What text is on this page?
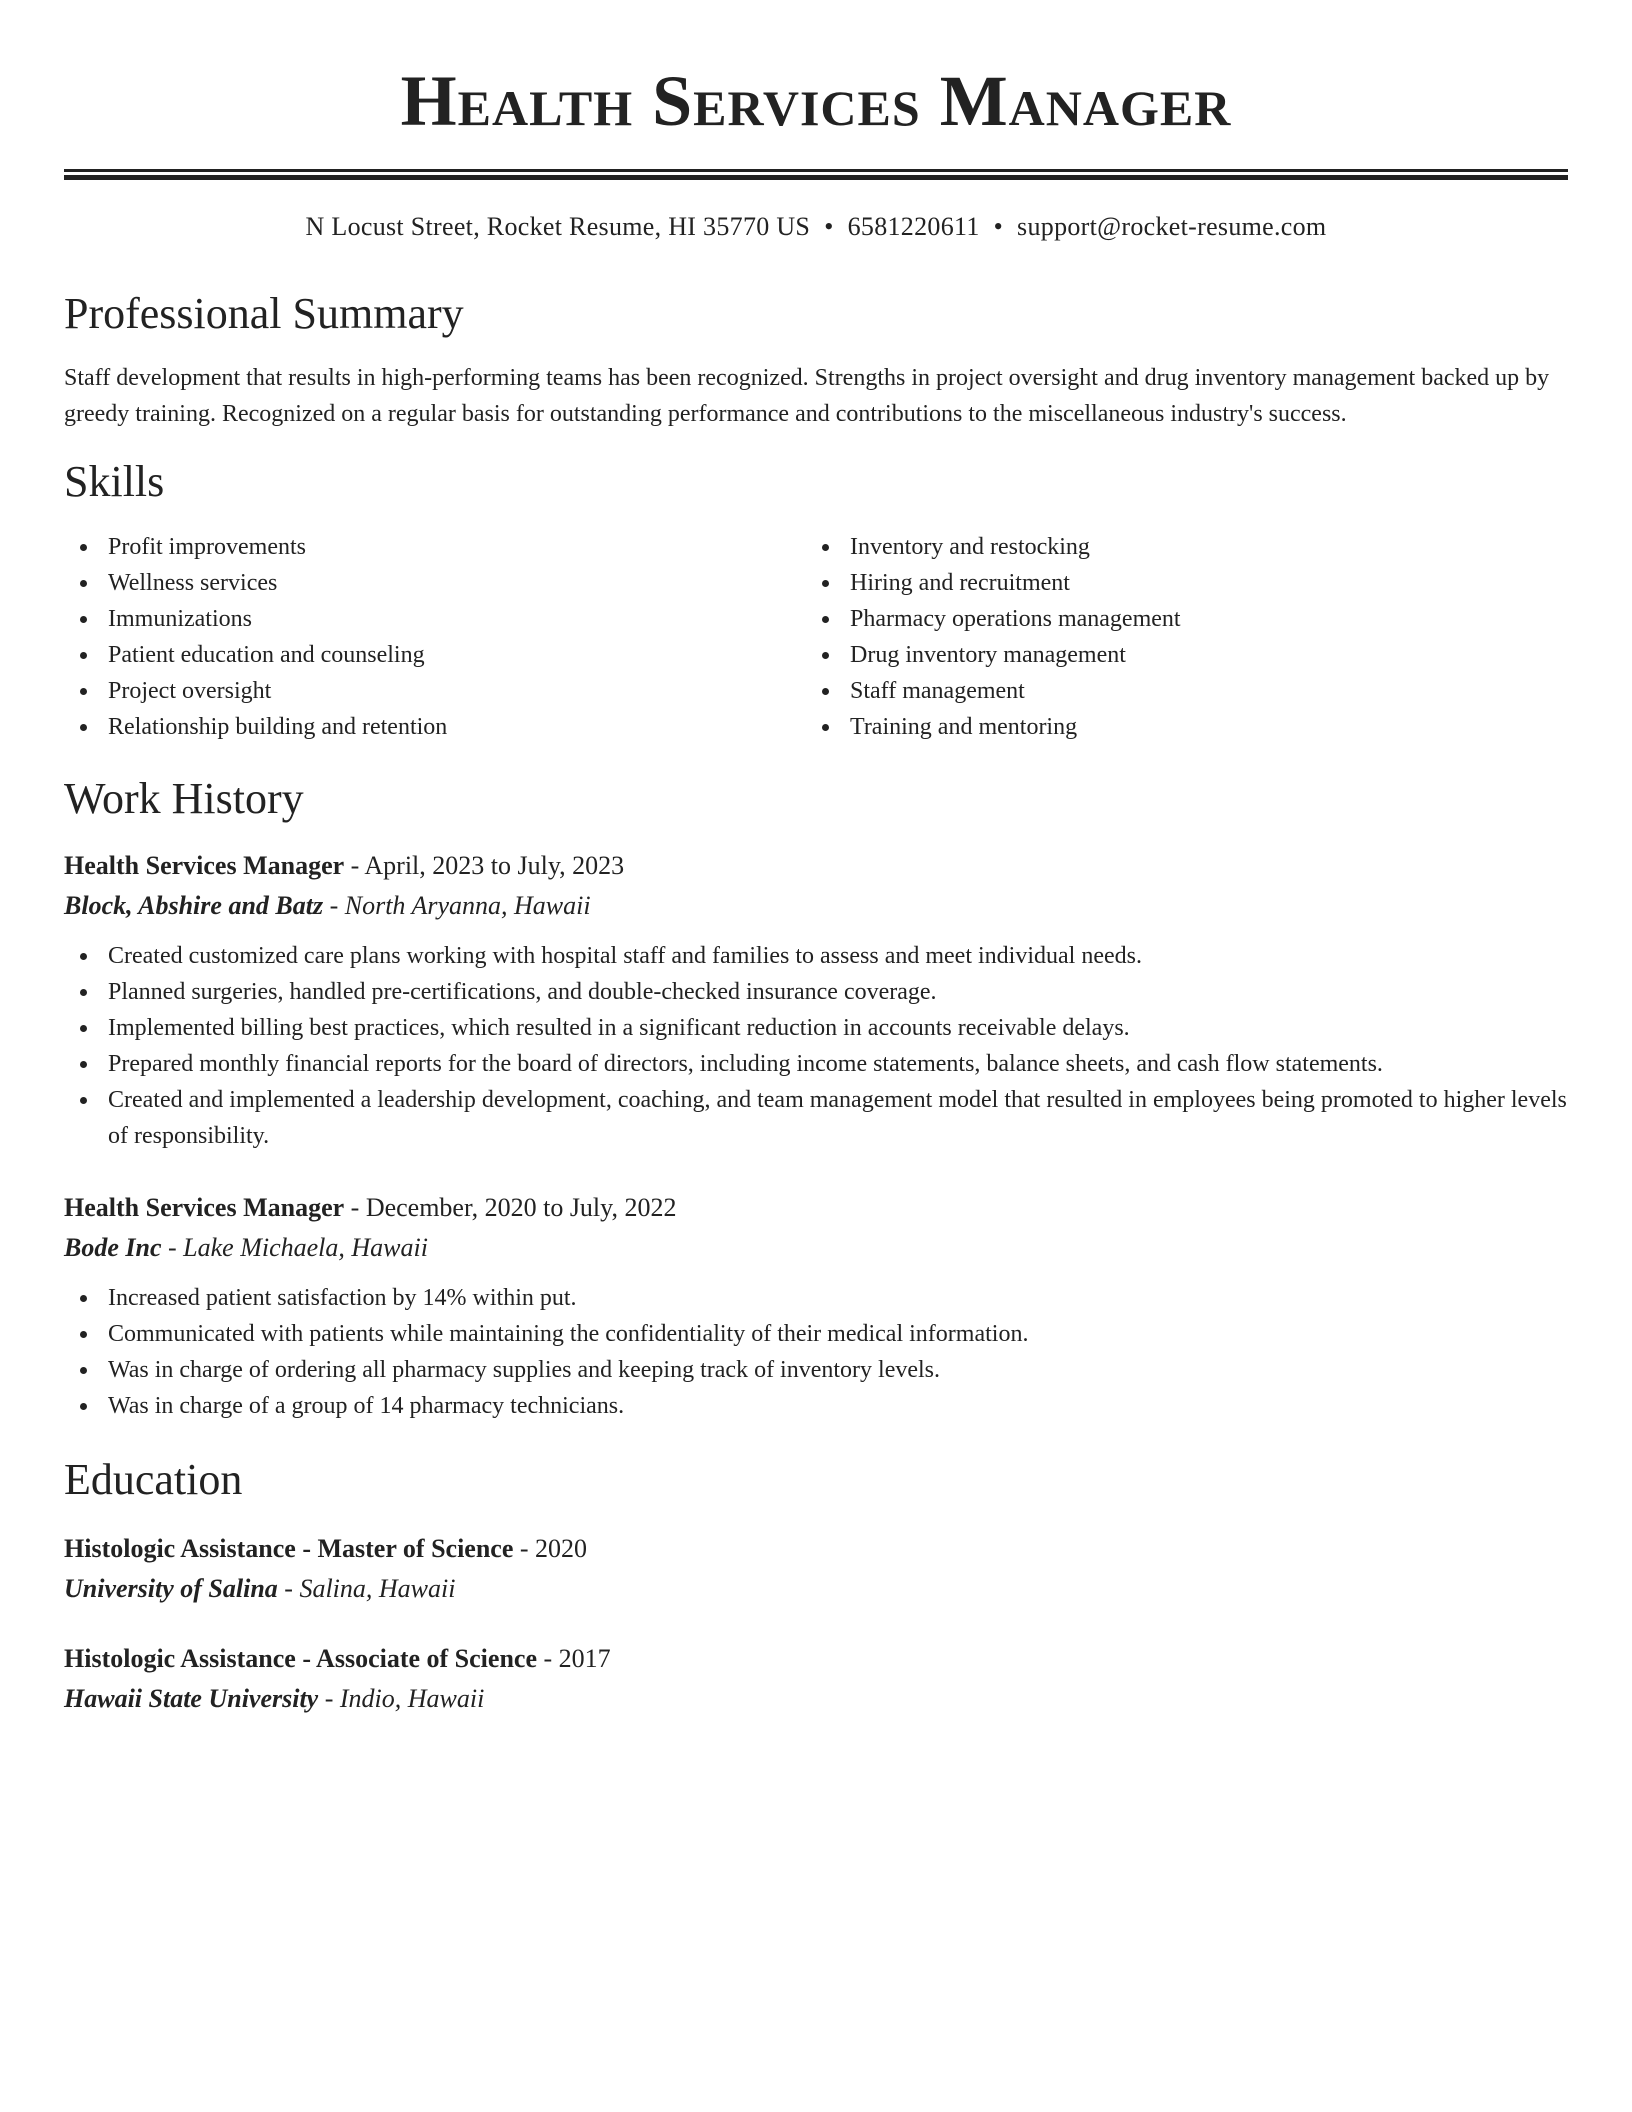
Health Services Manager
N Locust Street, Rocket Resume, HI 35770 US • 6581220611 • support@rocket-resume.com
Professional Summary

Staff development that results in high-performing teams has been recognized. Strengths in project oversight and drug inventory management backed up by greedy training. Recognized on a regular basis for outstanding performance and contributions to the miscellaneous industry's success.

Skills
Profit improvements
Wellness services
Immunizations
Patient education and counseling
Project oversight
Relationship building and retention
Inventory and restocking
Hiring and recruitment
Pharmacy operations management
Drug inventory management
Staff management
Training and mentoring
Work History
Health Services Manager - April, 2023 to July, 2023
Block, Abshire and Batz - North Aryanna, Hawaii
Created customized care plans working with hospital staff and families to assess and meet individual needs.
Planned surgeries, handled pre-certifications, and double-checked insurance coverage.
Implemented billing best practices, which resulted in a significant reduction in accounts receivable delays.
Prepared monthly financial reports for the board of directors, including income statements, balance sheets, and cash flow statements.
Created and implemented a leadership development, coaching, and team management model that resulted in employees being promoted to higher levels of responsibility.
Health Services Manager - December, 2020 to July, 2022
Bode Inc - Lake Michaela, Hawaii
Increased patient satisfaction by 14% within put.
Communicated with patients while maintaining the confidentiality of their medical information.
Was in charge of ordering all pharmacy supplies and keeping track of inventory levels.
Was in charge of a group of 14 pharmacy technicians.
Education
Histologic Assistance - Master of Science - 2020
University of Salina - Salina, Hawaii
Histologic Assistance - Associate of Science - 2017
Hawaii State University - Indio, Hawaii
